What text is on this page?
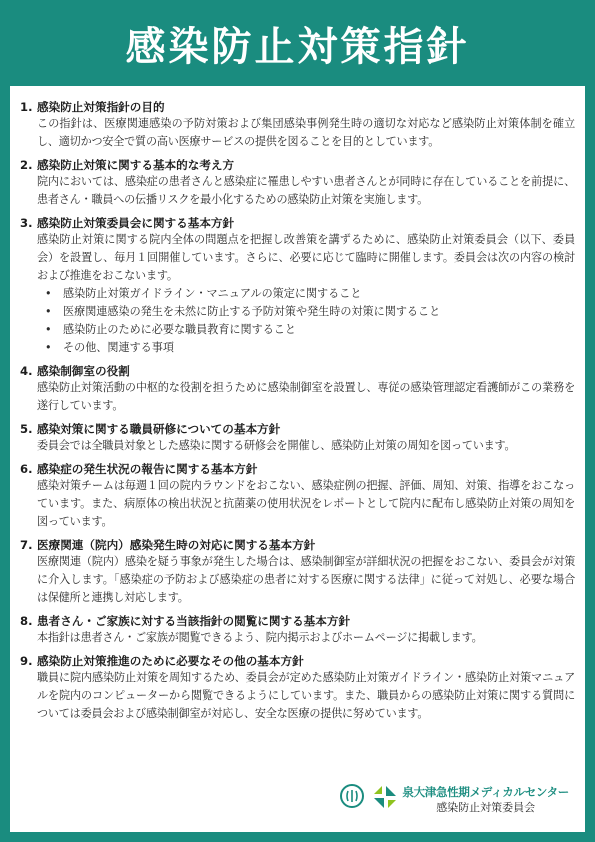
感染防止対策指針
1. 感染防止対策指針の目的
この指針は、医療関連感染の予防対策および集団感染事例発生時の適切な対応など感染防止対策体制を確立し、適切かつ安全で質の高い医療サービスの提供を図ることを目的としています。
2. 感染防止対策に関する基本的な考え方
院内においては、感染症の患者さんと感染症に罹患しやすい患者さんとが同時に存在していることを前提に、患者さん・職員への伝播リスクを最小化するための感染防止対策を実施します。
3. 感染防止対策委員会に関する基本方針
感染防止対策に関する院内全体の問題点を把握し改善策を講ずるために、感染防止対策委員会（以下、委員会）を設置し、毎月１回開催しています。さらに、必要に応じて臨時に開催します。委員会は次の内容の検討および推進をおこないます。
• 感染防止対策ガイドライン・マニュアルの策定に関すること
• 医療関連感染の発生を未然に防止する予防対策や発生時の対策に関すること
• 感染防止のために必要な職員教育に関すること
• その他、関連する事項
4. 感染制御室の役割
感染防止対策活動の中枢的な役割を担うために感染制御室を設置し、専従の感染管理認定看護師がこの業務を遂行しています。
5. 感染対策に関する職員研修についての基本方針
委員会では全職員対象とした感染に関する研修会を開催し、感染防止対策の周知を図っています。
6. 感染症の発生状況の報告に関する基本方針
感染対策チームは毎週１回の院内ラウンドをおこない、感染症例の把握、評価、周知、対策、指導をおこなっています。また、病原体の検出状況と抗菌薬の使用状況をレポートとして院内に配布し感染防止対策の周知を図っています。
7. 医療関連（院内）感染発生時の対応に関する基本方針
医療関連（院内）感染を疑う事象が発生した場合は、感染制御室が詳細状況の把握をおこない、委員会が対策に介入します。「感染症の予防および感染症の患者に対する医療に関する法律」に従って対処し、必要な場合は保健所と連携し対応します。
8. 患者さん・ご家族に対する当該指針の閲覧に関する基本方針
本指針は患者さん・ご家族が閲覧できるよう、院内掲示およびホームページに掲載します。
9. 感染防止対策推進のために必要なその他の基本方針
職員に院内感染防止対策を周知するため、委員会が定めた感染防止対策ガイドライン・感染防止対策マニュアルを院内のコンピューターから閲覧できるようにしています。また、職員からの感染防止対策に関する質問については委員会および感染制御室が対応し、安全な医療の提供に努めています。
泉大津急性期メディカルセンター
感染防止対策委員会
